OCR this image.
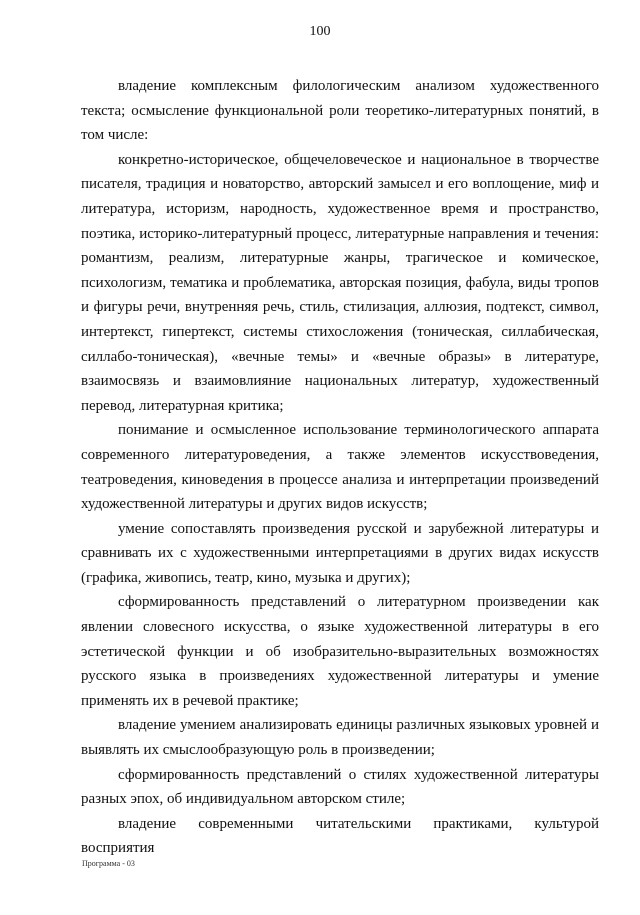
100

владение комплексным филологическим анализом художественного текста; осмысление функциональной роли теоретико-литературных понятий, в том числе:

конкретно-историческое, общечеловеческое и национальное в творчестве писателя, традиция и новаторство, авторский замысел и его воплощение, миф и литература, историзм, народность, художественное время и пространство, поэтика, историко-литературный процесс, литературные направления и течения: романтизм, реализм, литературные жанры, трагическое и комическое, психологизм, тематика и проблематика, авторская позиция, фабула, виды тропов и фигуры речи, внутренняя речь, стиль, стилизация, аллюзия, подтекст, символ, интертекст, гипертекст, системы стихосложения (тоническая, силлабическая, силлабо-тоническая), «вечные темы» и «вечные образы» в литературе, взаимосвязь и взаимовлияние национальных литератур, художественный перевод, литературная критика;

понимание и осмысленное использование терминологического аппарата современного литературоведения, а также элементов искусствоведения, театроведения, киноведения в процессе анализа и интерпретации произведений художественной литературы и других видов искусств;

умение сопоставлять произведения русской и зарубежной литературы и сравнивать их с художественными интерпретациями в других видах искусств (графика, живопись, театр, кино, музыка и других);

сформированность представлений о литературном произведении как явлении словесного искусства, о языке художественной литературы в его эстетической функции и об изобразительно-выразительных возможностях русского языка в произведениях художественной литературы и умение применять их в речевой практике;

владение умением анализировать единицы различных языковых уровней и выявлять их смыслообразующую роль в произведении;

сформированность представлений о стилях художественной литературы разных эпох, об индивидуальном авторском стиле;

владение современными читательскими практиками, культурой восприятия

Программа - 03
